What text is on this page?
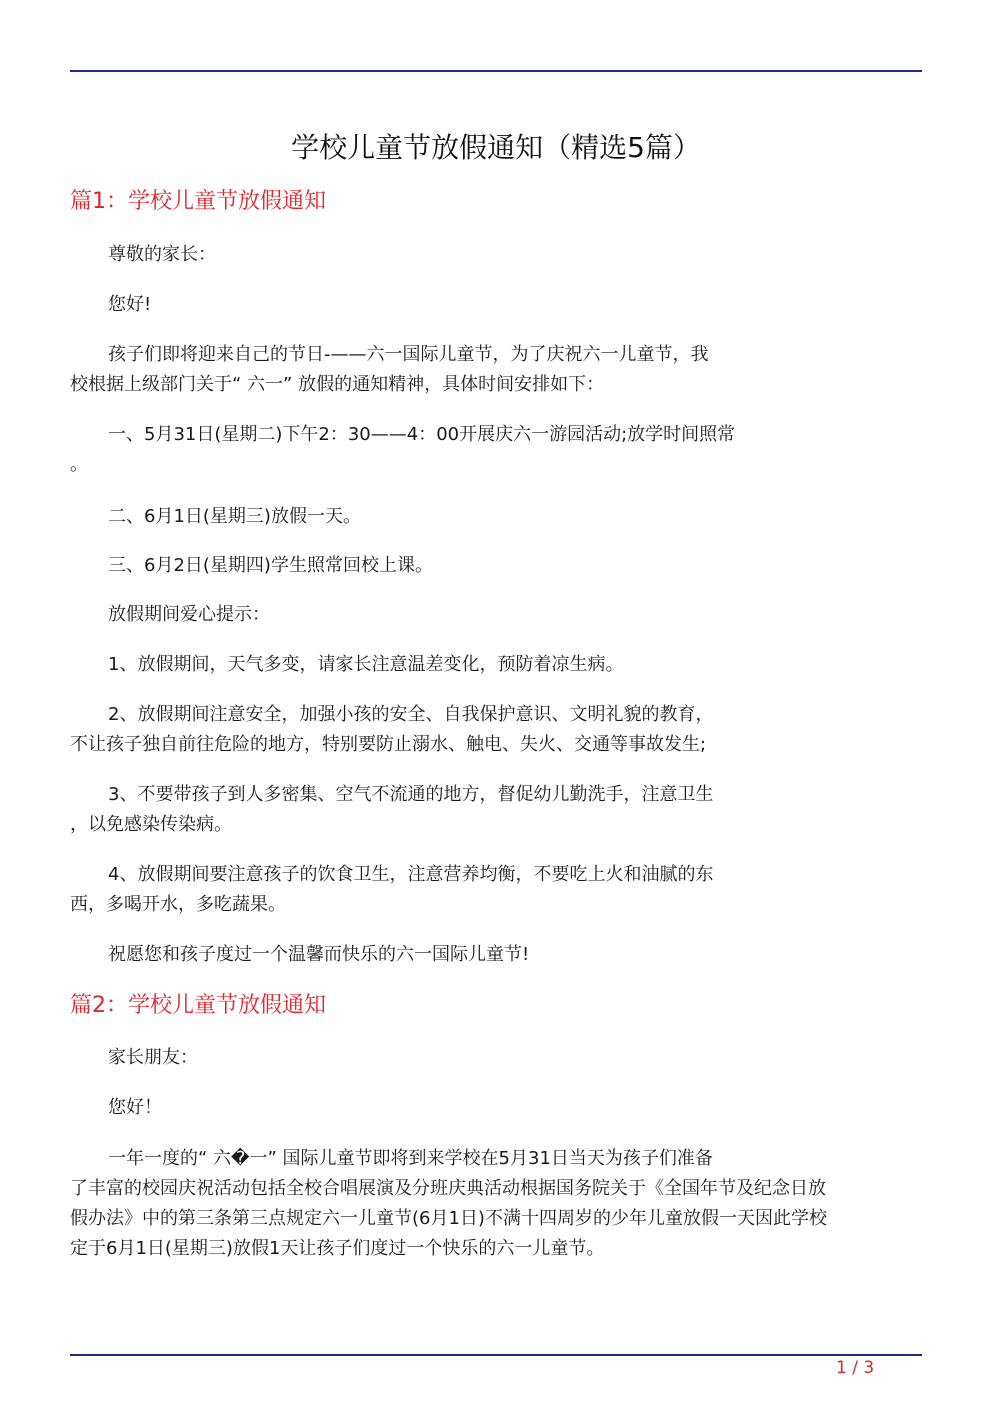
学校儿童节放假通知（精选5篇）
篇1：学校儿童节放假通知
尊敬的家长：
您好!
孩子们即将迎来自己的节日-——六一国际儿童节，为了庆祝六一儿童节，我
校根据上级部门关于“ 六一” 放假的通知精神，具体时间安排如下：
一、5月31日(星期二)下午2：30——4：00开展庆六一游园活动;放学时间照常
。
二、6月1日(星期三)放假一天。
三、6月2日(星期四)学生照常回校上课。
放假期间爱心提示：
1、放假期间，天气多变，请家长注意温差变化，预防着凉生病。
2、放假期间注意安全，加强小孩的安全、自我保护意识、文明礼貌的教育，
不让孩子独自前往危险的地方，特别要防止溺水、触电、失火、交通等事故发生;
3、不要带孩子到人多密集、空气不流通的地方，督促幼儿勤洗手，注意卫生
，以免感染传染病。
4、放假期间要注意孩子的饮食卫生，注意营养均衡，不要吃上火和油腻的东
西，多喝开水，多吃蔬果。
祝愿您和孩子度过一个温馨而快乐的六一国际儿童节!
篇2：学校儿童节放假通知
家长朋友：
您好！
一年一度的“ 六�一” 国际儿童节即将到来学校在5月31日当天为孩子们准备
了丰富的校园庆祝活动包括全校合唱展演及分班庆典活动根据国务院关于《全国年节及纪念日放
假办法》中的第三条第三点规定六一儿童节(6月1日)不满十四周岁的少年儿童放假一天因此学校
定于6月1日(星期三)放假1天让孩子们度过一个快乐的六一儿童节。
1 / 3
